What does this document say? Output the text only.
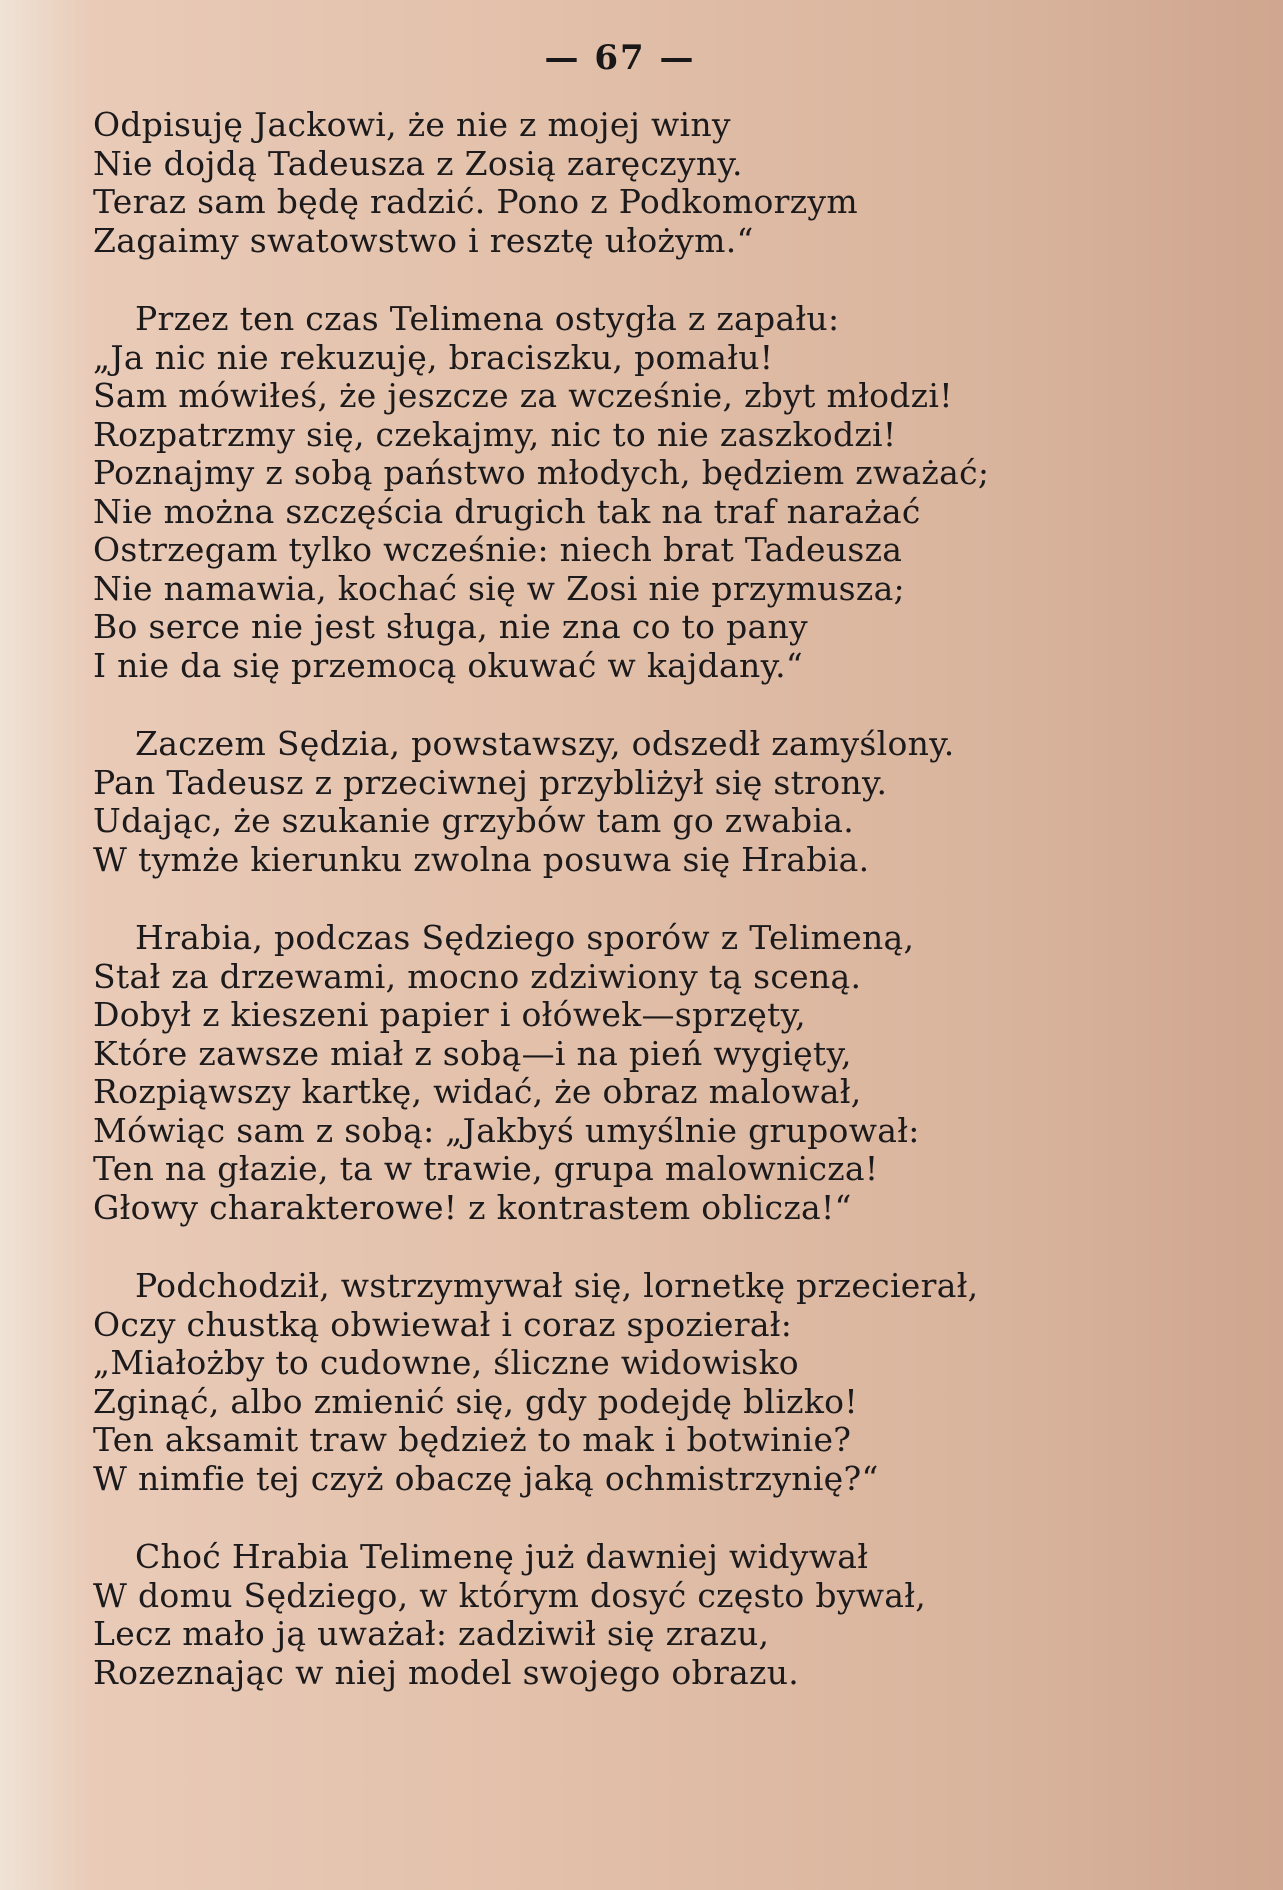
— 67 —
Odpisuję Jackowi, że nie z mojej winy
Nie dojdą Tadeusza z Zosią zaręczyny.
Teraz sam będę radzić. Pono z Podkomorzym
Zagaimy swatowstwo i resztę ułożym.“
Przez ten czas Telimena ostygła z zapału:
„Ja nic nie rekuzuję, braciszku, pomału!
Sam mówiłeś, że jeszcze za wcześnie, zbyt młodzi!
Rozpatrzmy się, czekajmy, nic to nie zaszkodzi!
Poznajmy z sobą państwo młodych, będziem zważać;
Nie można szczęścia drugich tak na traf narażać
Ostrzegam tylko wcześnie: niech brat Tadeusza
Nie namawia, kochać się w Zosi nie przymusza;
Bo serce nie jest sługa, nie zna co to pany
I nie da się przemocą okuwać w kajdany.“
Zaczem Sędzia, powstawszy, odszedł zamyślony.
Pan Tadeusz z przeciwnej przybliżył się strony.
Udając, że szukanie grzybów tam go zwabia.
W tymże kierunku zwolna posuwa się Hrabia.
Hrabia, podczas Sędziego sporów z Telimeną,
Stał za drzewami, mocno zdziwiony tą sceną.
Dobył z kieszeni papier i ołówek—sprzęty,
Które zawsze miał z sobą—i na pień wygięty,
Rozpiąwszy kartkę, widać, że obraz malował,
Mówiąc sam z sobą: „Jakbyś umyślnie grupował:
Ten na głazie, ta w trawie, grupa malownicza!
Głowy charakterowe! z kontrastem oblicza!“
Podchodził, wstrzymywał się, lornetkę przecierał,
Oczy chustką obwiewał i coraz spozierał:
„Miałożby to cudowne, śliczne widowisko
Zginąć, albo zmienić się, gdy podejdę blizko!
Ten aksamit traw będzież to mak i botwinie?
W nimfie tej czyż obaczę jaką ochmistrzynię?“
Choć Hrabia Telimenę już dawniej widywał
W domu Sędziego, w którym dosyć często bywał,
Lecz mało ją uważał: zadziwił się zrazu,
Rozeznając w niej model swojego obrazu.
